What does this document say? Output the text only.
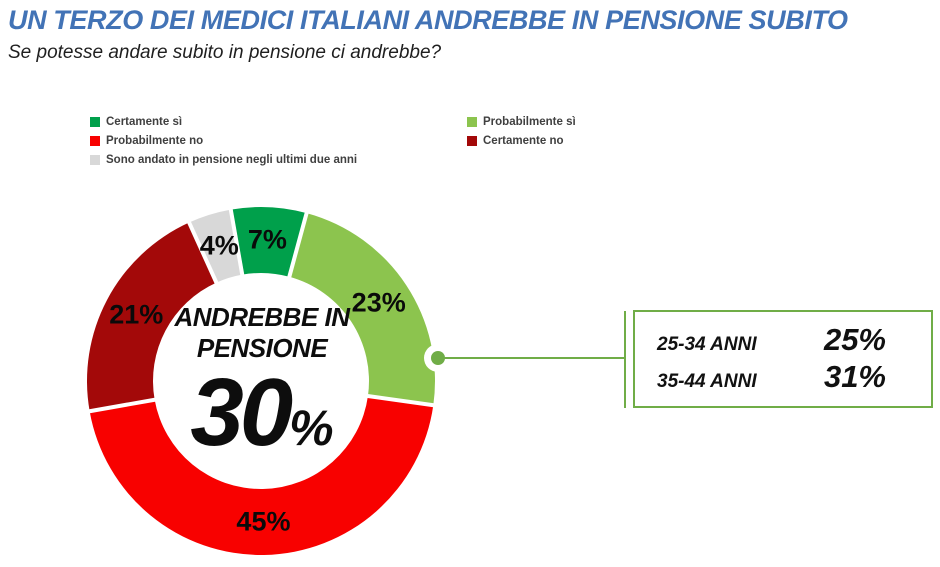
UN TERZO DEI MEDICI ITALIANI ANDREBBE IN PENSIONE SUBITO
Se potesse andare subito in pensione ci andrebbe?
Certamente sì
Probabilmente no
Sono andato in pensione negli ultimi due anni
Probabilmente sì
Certamente no
ANDREBBE IN
PENSIONE
30%
25-34 ANNI 25%
35-44 ANNI 31%
7%
23%
45%
21%
4%
